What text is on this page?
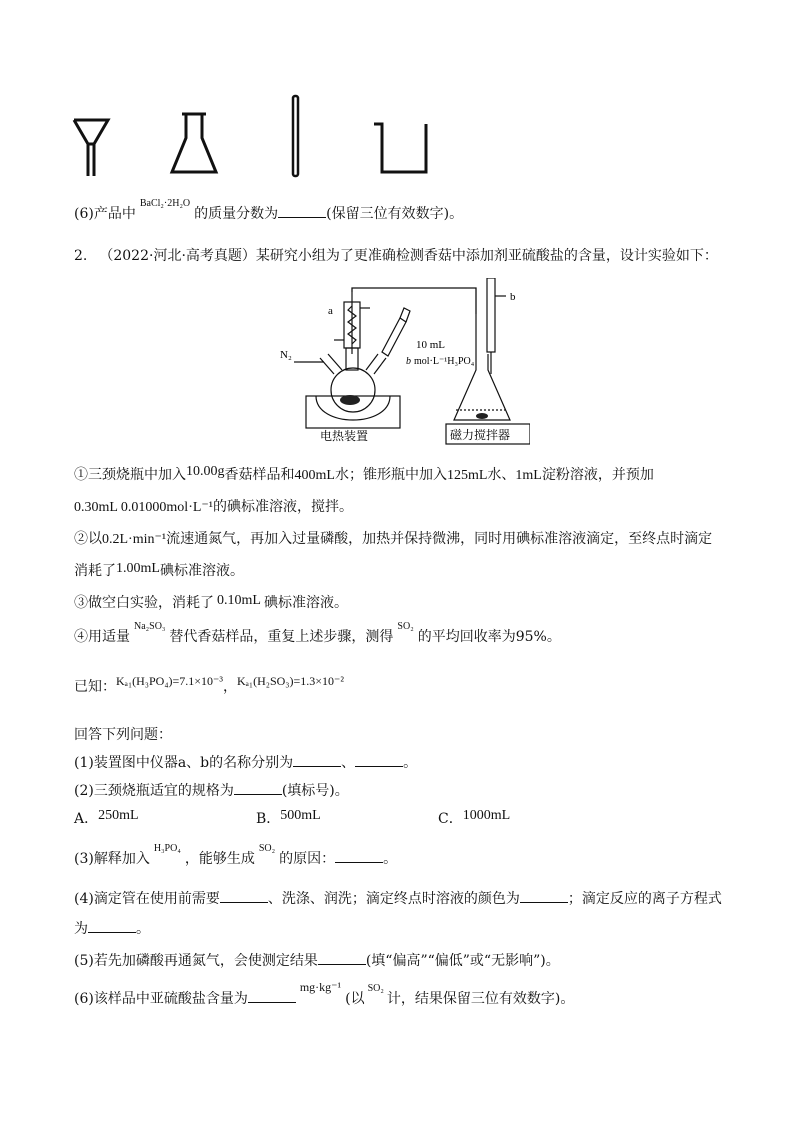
(6)产品中$^{BaCl_2\cdot 2H_2O}$的质量分数为	(保留三位有效数字)。
2. （2022·河北·高考真题）某研究小组为了更准确检测香菇中添加剂亚硫酸盐的含量，设计实验如下：
a
b
N₂
10 mL
b mol·L⁻¹H₃PO₄
电热装置	磁力搅拌器
①三颈烧瓶中加入10.00g香菇样品和400mL水；锥形瓶中加入125mL水、1mL淀粉溶液，并预加
0.30mL 0.01000mol·L⁻¹的碘标准溶液，搅拌。
②以0.2L·min⁻¹流速通氮气，再加入过量磷酸，加热并保持微沸，同时用碘标准溶液滴定，至终点时滴定
消耗了1.00mL碘标准溶液。
③做空白实验，消耗了 0.10mL 碘标准溶液。
④用适量$^{Na_2SO_3}$替代香菇样品，重复上述步骤，测得$^{SO_2}$的平均回收率为95%。
已知：Kₐ₁(H₃PO₄)=7.1×10⁻³，Kₐ₁(H₂SO₃)=1.3×10⁻²
回答下列问题：
(1)装置图中仪器a、b的名称分别为	、	。
(2)三颈烧瓶适宜的规格为	(填标号)。
A．250mL	B．500mL	C．1000mL
(3)解释加入$^{H_3PO_4}$，能够生成$^{SO_2}$的原因：	。
(4)滴定管在使用前需要	、洗涤、润洗；滴定终点时溶液的颜色为	；滴定反应的离子方程式
为	。
(5)若先加磷酸再通氮气，会使测定结果	(填“偏高”“偏低”或“无影响”)。
(6)该样品中亚硫酸盐含量为mg·kg⁻¹(以$^{SO_2}$计，结果保留三位有效数字)。
